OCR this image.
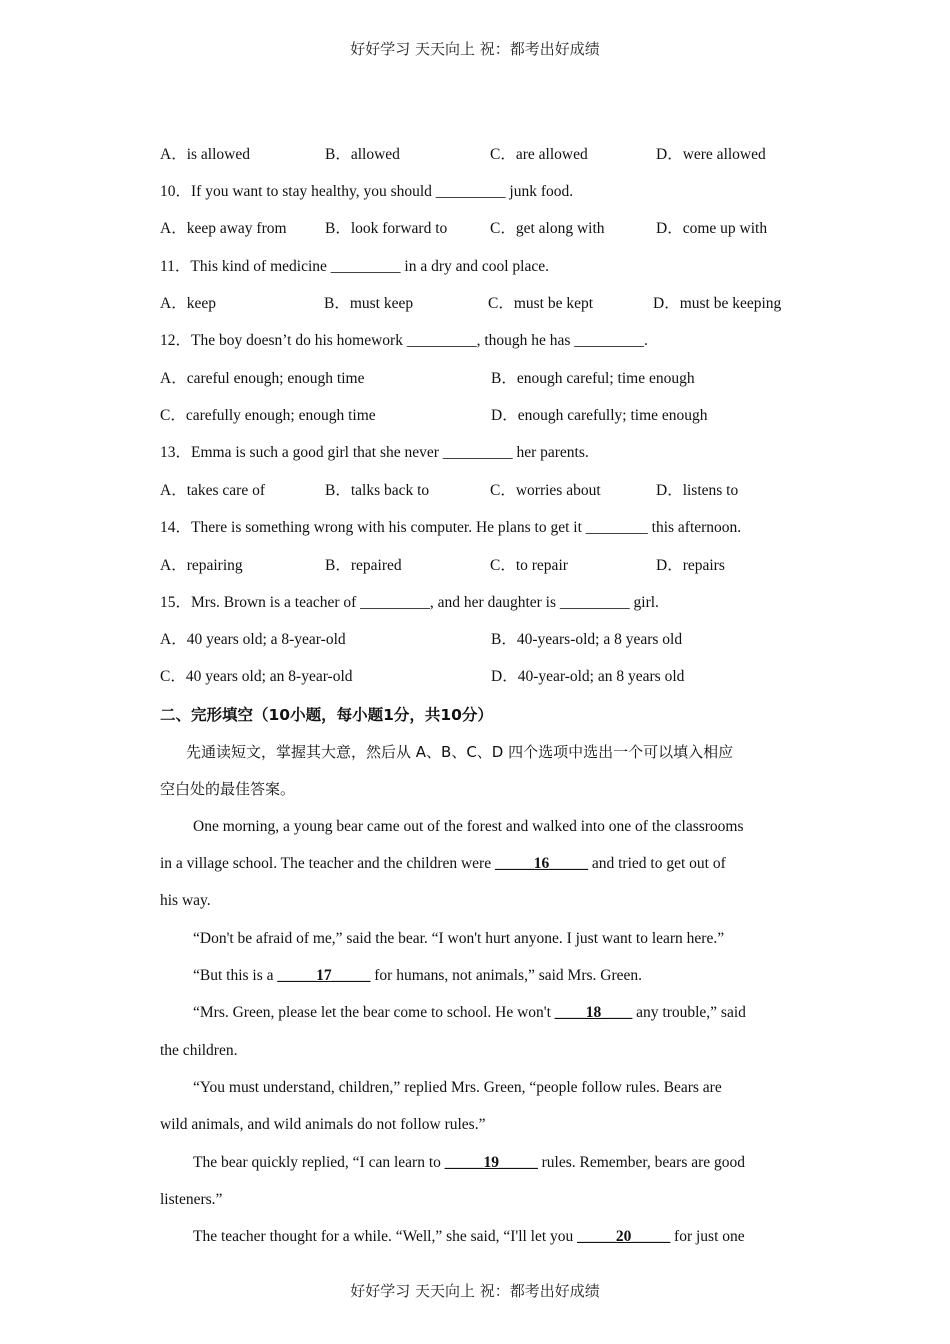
好好学习 天天向上 祝：都考出好成绩
A．is allowed	B．allowed	C．are allowed	D．were allowed
10．If you want to stay healthy, you should _________ junk food.
A．keep away from B．look forward to	C．get along with	D．come up with
11．This kind of medicine _________ in a dry and cool place.
A．keep	B．must keep	C．must be kept	D．must be keeping
12．The boy doesn’t do his homework _________, though he has _________.
A．careful enough; enough time	B．enough careful; time enough
C．carefully enough; enough time	D．enough carefully; time enough
13．Emma is such a good girl that she never _________ her parents.
A．takes care of	B．talks back to	C．worries about	D．listens to
14．There is something wrong with his computer. He plans to get it ________ this afternoon.
A．repairing	B．repaired	C．to repair	D．repairs
15．Mrs. Brown is a teacher of _________, and her daughter is _________ girl.
A．40 years old; a 8-year-old	B．40-years-old; a 8 years old
C．40 years old; an 8-year-old	D．40-year-old; an 8 years old
二、完形填空（10小题，每小题1分，共10分）
先通读短文，掌握其大意，然后从 A、B、C、D 四个选项中选出一个可以填入相应
空白处的最佳答案。
One morning, a young bear came out of the forest and walked into one of the classrooms
in a village school. The teacher and the children were _____16_____ and tried to get out of
his way.
“Don't be afraid of me,” said the bear. “I won't hurt anyone. I just want to learn here.”
“But this is a _____17_____ for humans, not animals,” said Mrs. Green.
“Mrs. Green, please let the bear come to school. He won't ____18____ any trouble,” said
the children.
“You must understand, children,” replied Mrs. Green, “people follow rules. Bears are
wild animals, and wild animals do not follow rules.”
The bear quickly replied, “I can learn to _____19_____ rules. Remember, bears are good
listeners.”
The teacher thought for a while. “Well,” she said, “I'll let you _____20_____ for just one
好好学习 天天向上 祝：都考出好成绩
